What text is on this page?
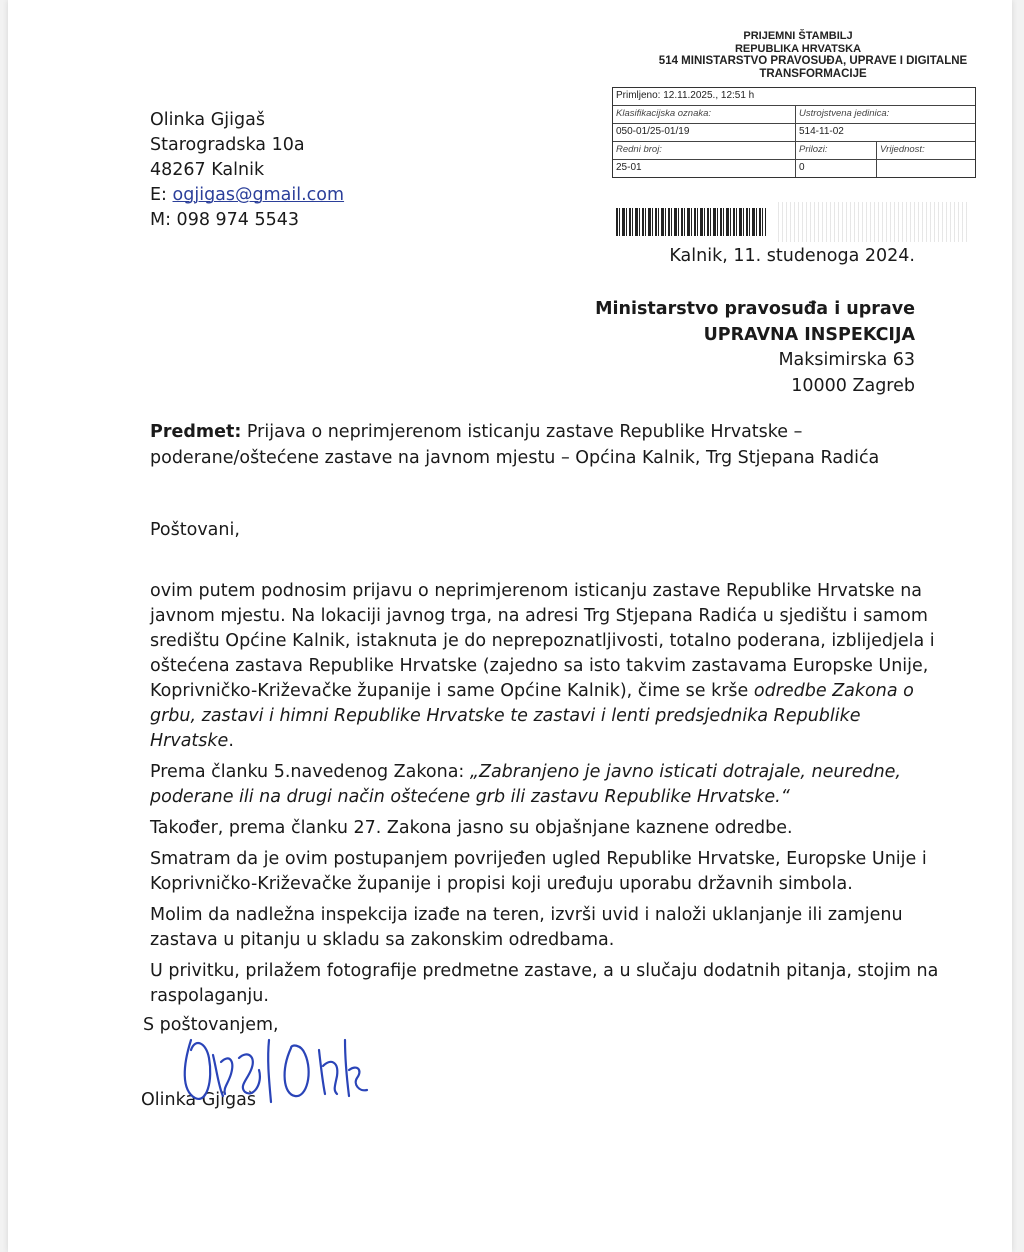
Olinka Gjigaš
Starogradska 10a
48267 Kalnik
E: ogjigas@gmail.com
M: 098 974 5543
PRIJEMNI ŠTAMBILJ
REPUBLIKA HRVATSKA
514 MINISTARSTVO PRAVOSUĐA, UPRAVE I DIGITALNE TRANSFORMACIJE
Primljeno: 12.11.2025., 12:51 h
Klasifikacijska oznaka:	Ustrojstvena jedinica:
050-01/25-01/19	514-11-02
Redni broj:	Prilozi:	Vrijednost:
25-01	0
Kalnik, 11. studenoga 2024.
Ministarstvo pravosuđa i uprave
UPRAVNA INSPEKCIJA
Maksimirska 63
10000 Zagreb
Predmet: Prijava o neprimjerenom isticanju zastave Republike Hrvatske – poderane/oštećene zastave na javnom mjestu – Općina Kalnik, Trg Stjepana Radića
Poštovani,

ovim putem podnosim prijavu o neprimjerenom isticanju zastave Republike Hrvatske na javnom mjestu. Na lokaciji javnog trga, na adresi Trg Stjepana Radića u sjedištu i samom središtu Općine Kalnik, istaknuta je do neprepoznatljivosti, totalno poderana, izblijedjela i oštećena zastava Republike Hrvatske (zajedno sa isto takvim zastavama Europske Unije, Koprivničko-Križevačke županije i same Općine Kalnik), čime se krše odredbe Zakona o grbu, zastavi i himni Republike Hrvatske te zastavi i lenti predsjednika Republike Hrvatske.

Prema članku 5.navedenog Zakona: „Zabranjeno je javno isticati dotrajale, neuredne, poderane ili na drugi način oštećene grb ili zastavu Republike Hrvatske.“

Također, prema članku 27. Zakona jasno su objašnjane kaznene odredbe.

Smatram da je ovim postupanjem povrijeđen ugled Republike Hrvatske, Europske Unije i Koprivničko-Križevačke županije i propisi koji uređuju uporabu državnih simbola.

Molim da nadležna inspekcija izađe na teren, izvrši uvid i naloži uklanjanje ili zamjenu zastava u pitanju u skladu sa zakonskim odredbama.

U privitku, prilažem fotografije predmetne zastave, a u slučaju dodatnih pitanja, stojim na raspolaganju.

S poštovanjem,
Olinka Gjigaš
